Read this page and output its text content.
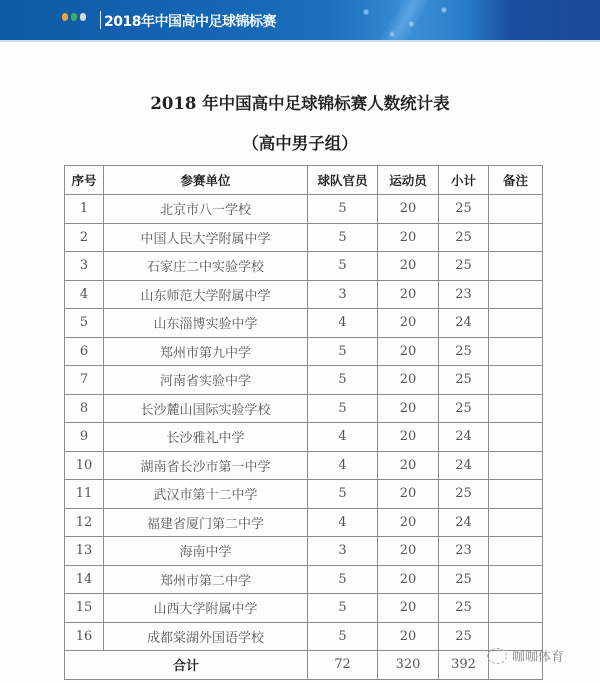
2018年中国高中足球锦标赛
2018 年中国高中足球锦标赛人数统计表
（高中男子组）
序号	参赛单位	球队官员	运动员	小计	备注
1	北京市八一学校	5	20	25	
2	中国人民大学附属中学	5	20	25	
3	石家庄二中实验学校	5	20	25	
4	山东师范大学附属中学	3	20	23	
5	山东淄博实验中学	4	20	24	
6	郑州市第九中学	5	20	25	
7	河南省实验中学	5	20	25	
8	长沙麓山国际实验学校	5	20	25	
9	长沙雅礼中学	4	20	24	
10	湖南省长沙市第一中学	4	20	24	
11	武汉市第十二中学	5	20	25	
12	福建省厦门第二中学	4	20	24	
13	海南中学	3	20	23	
14	郑州市第二中学	5	20	25	
15	山西大学附属中学	5	20	25	
16	成都棠湖外国语学校	5	20	25	
合计		72	320	392		咖咖体育
